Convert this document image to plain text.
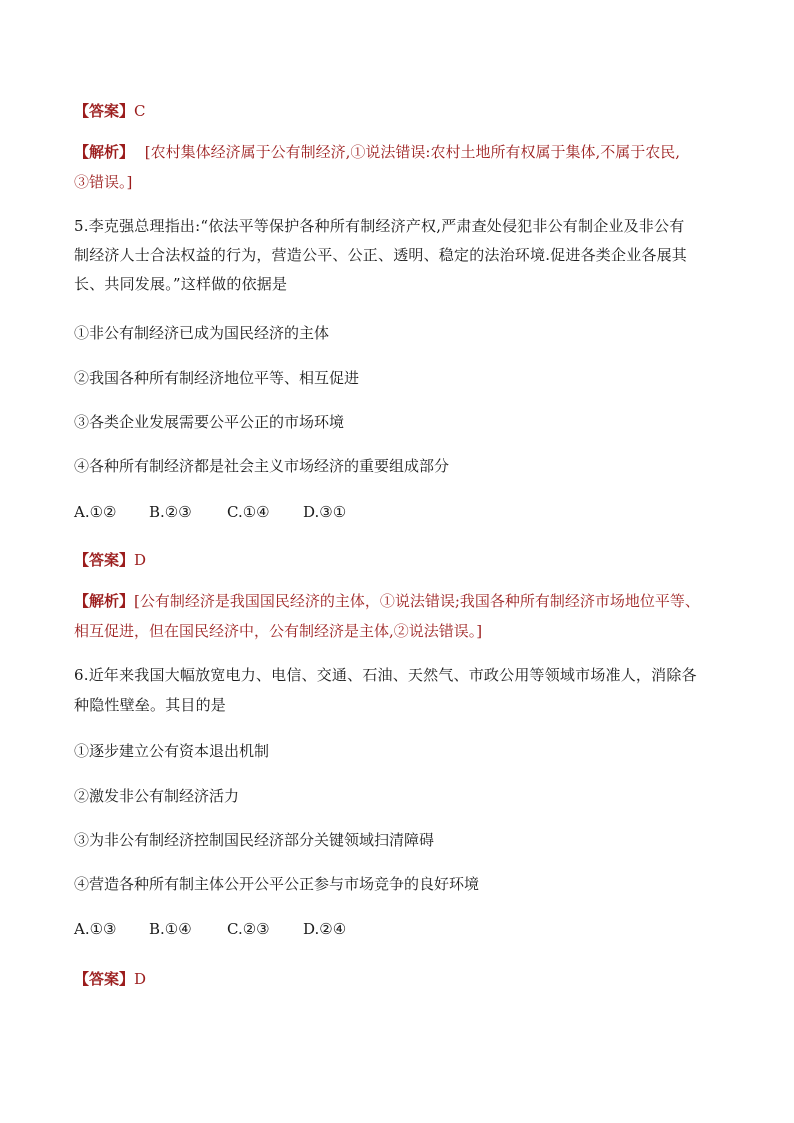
【答案】C
【解析】 [农村集体经济属于公有制经济,①说法错误:农村土地所有权属于集体,不属于农民,
③错误。]
5.李克强总理指出:“依法平等保护各种所有制经济产权,严肃查处侵犯非公有制企业及非公有
制经济人士合法权益的行为，营造公平、公正、透明、稳定的法治环境.促进各类企业各展其
长、共同发展。”这样做的依据是
①非公有制经济已成为国民经济的主体
②我国各种所有制经济地位平等、相互促进
③各类企业发展需要公平公正的市场环境
④各种所有制经济都是社会主义市场经济的重要组成部分
A.①② B.②③ C.①④ D.③①
【答案】D
【解析】[公有制经济是我国国民经济的主体，①说法错误;我国各种所有制经济市场地位平等、
相互促进，但在国民经济中，公有制经济是主体,②说法错误。]
6.近年来我国大幅放宽电力、电信、交通、石油、天然气、市政公用等领域市场准人，消除各
种隐性壁垒。其目的是
①逐步建立公有资本退出机制
②激发非公有制经济活力
③为非公有制经济控制国民经济部分关键领域扫清障碍
④营造各种所有制主体公开公平公正参与市场竞争的良好环境
A.①③ B.①④ C.②③ D.②④
【答案】D
